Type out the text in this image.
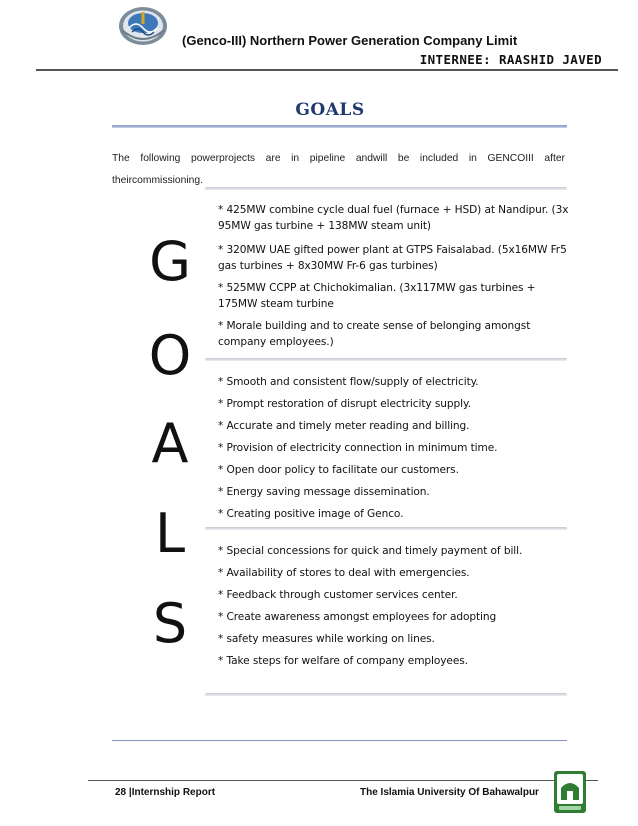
(Genco-III) Northern Power Generation Company Limit
INTERNEE: RAASHID JAVED
GOALS
The following powerprojects are in pipeline andwill be included in GENCOIII after theircommissioning.
G
O
A
L
S
* 425MW combine cycle dual fuel (furnace + HSD) at Nandipur. (3x 95MW gas turbine + 138MW steam unit)
* 320MW UAE gifted power plant at GTPS Faisalabad. (5x16MW Fr5 gas turbines + 8x30MW Fr-6 gas turbines)
* 525MW CCPP at Chichokimalian. (3x117MW gas turbines + 175MW steam turbine
* Morale building and to create sense of belonging amongst company employees.)
* Smooth and consistent flow/supply of electricity.
* Prompt restoration of disrupt electricity supply.
* Accurate and timely meter reading and billing.
* Provision of electricity connection in minimum time.
* Open door policy to facilitate our customers.
* Energy saving message dissemination.
* Creating positive image of Genco.
* Special concessions for quick and timely payment of bill.
* Availability of stores to deal with emergencies.
* Feedback through customer services center.
* Create awareness amongst employees for adopting
* safety measures while working on lines.
* Take steps for welfare of company employees.
28 |Internship Report	The Islamia University Of Bahawalpur
